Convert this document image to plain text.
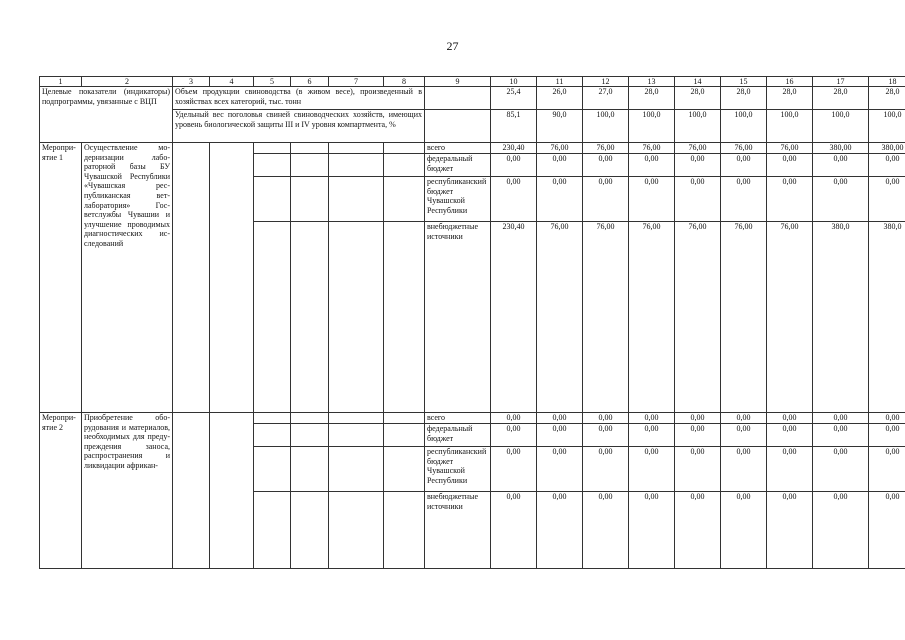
27
1	2	3	4	5	6	7	8	9	10	11	12	13	14	15	16	17	18
Целевые показатели (индикаторы) подпрограммы, увязанные с ВЦП		Объем продукции свиноводства (в живом весе), произведенный в хозяйствах всех категорий, тыс. тонн							25,4	26,0	27,0	28,0	28,0	28,0	28,0	28,0	28,0
		Удельный вес поголовья свиней свиноводческих хозяйств, имеющих уровень биологической защиты III и IV уровня компартмента, %							85,1	90,0	100,0	100,0	100,0	100,0	100,0	100,0	100,0
Мероприятие 1	Осуществление модернизации лабораторной базы БУ Чувашской Республики «Чувашская республиканская ветлаборатория» Госветслужбы Чувашии и улучшение проводимых диагностических исследований							всего	230,40	76,00	76,00	76,00	76,00	76,00	76,00	380,00	380,00
								федеральный бюджет	0,00	0,00	0,00	0,00	0,00	0,00	0,00	0,00	0,00
								республиканский бюджет Чувашской Республики	0,00	0,00	0,00	0,00	0,00	0,00	0,00	0,00	0,00
								внебюджетные источники	230,40	76,00	76,00	76,00	76,00	76,00	76,00	380,0	380,0
Мероприятие 2	Приобретение оборудования и материалов, необходимых для предупреждения заноса, распространения и ликвидации африкан-							всего	0,00	0,00	0,00	0,00	0,00	0,00	0,00	0,00	0,00
								федеральный бюджет	0,00	0,00	0,00	0,00	0,00	0,00	0,00	0,00	0,00
								республиканский бюджет Чувашской Республики	0,00	0,00	0,00	0,00	0,00	0,00	0,00	0,00	0,00
								внебюджетные источники	0,00	0,00	0,00	0,00	0,00	0,00	0,00	0,00	0,00
